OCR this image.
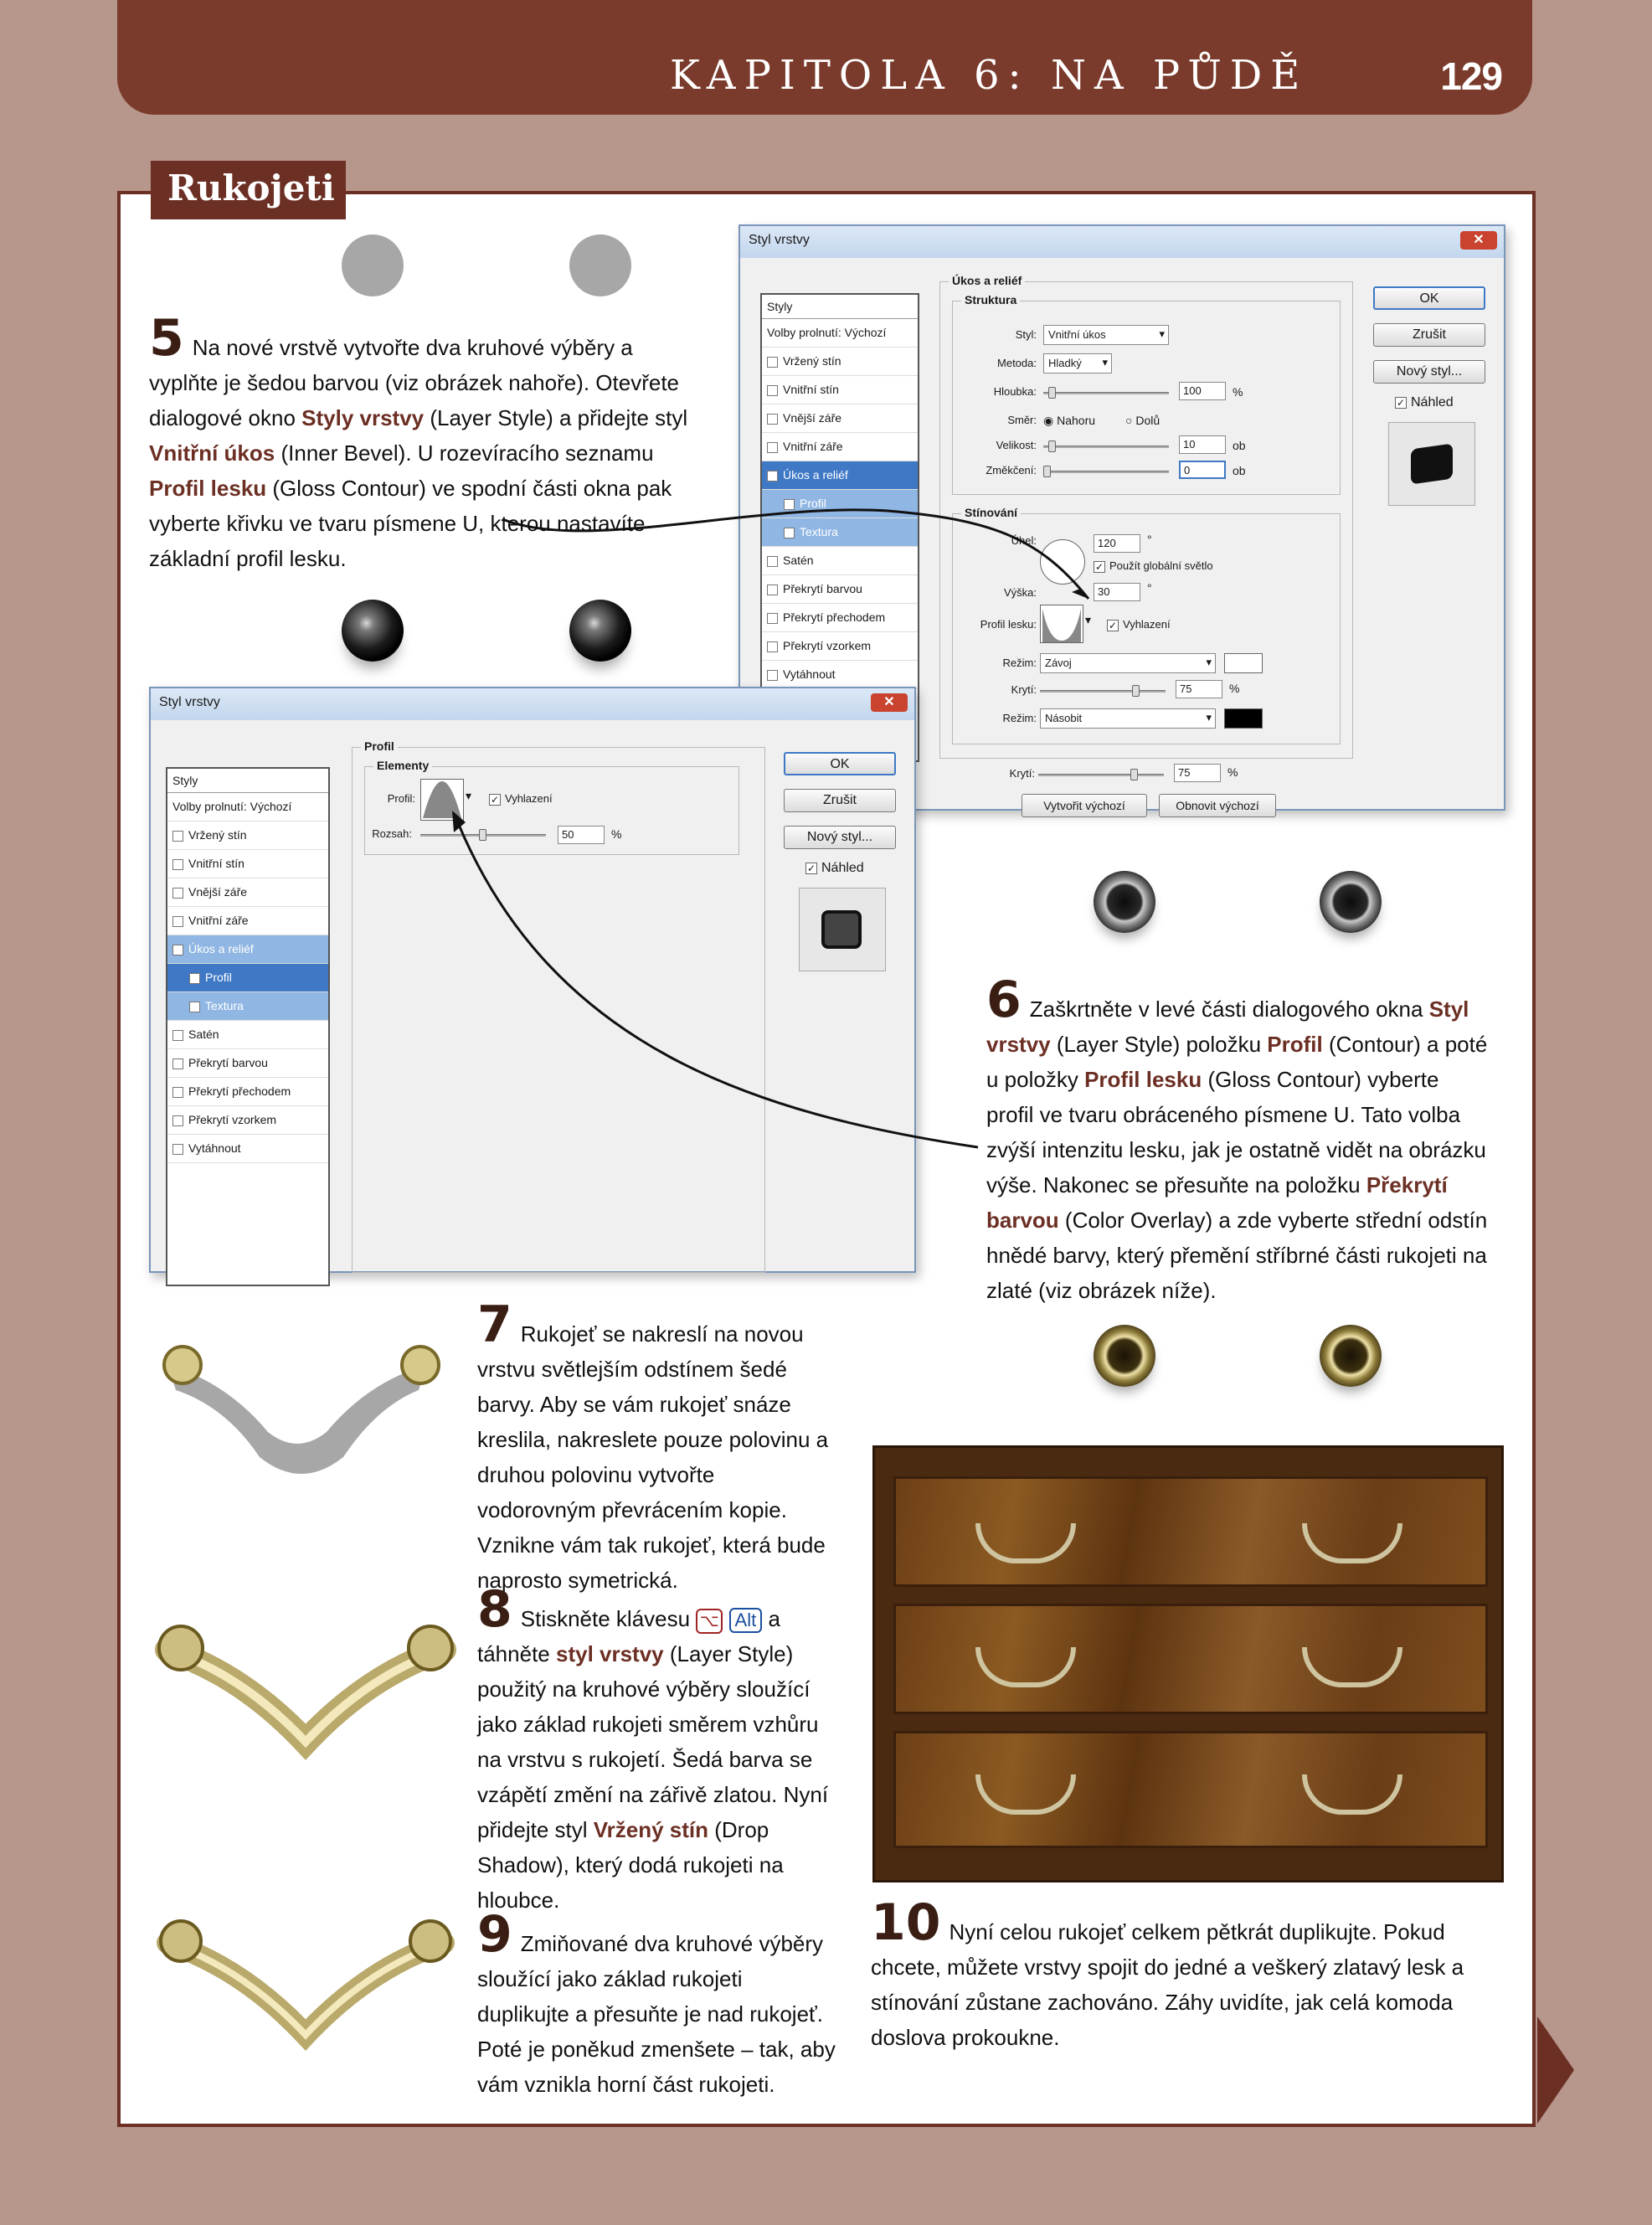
KAPITOLA 6: NA PŮDĚ	129
Rukojeti
5 Na nové vrstvě vytvořte dva kruhové výběry a vyplňte je šedou barvou (viz obrázek nahoře). Otevřete dialogové okno Styly vrstvy (Layer Style) a přidejte styl Vnitřní úkos (Inner Bevel). U rozevíracího seznamu Profil lesku (Gloss Contour) ve spodní části okna pak vyberte křivku ve tvaru písmene U, kterou nastavíte základní profil lesku.
Styl vrstvy	✕
Styly
Volby prolnutí: Výchozí
Vržený stín
Vnitřní stín
Vnější záře
Vnitřní záře
✓ Úkos a reliéf
Profil
Textura
Satén
Překrytí barvou
Překrytí přechodem
Překrytí vzorkem
Vytáhnout
Úkos a reliéf
Struktura
Styl:	Vnitřní úkos ▾
Metoda:	Hladký ▾
Hloubka:	100	%
Směr: ◉ Nahoru	○ Dolů
Velikost:	10	ob
Změkčení:	0	ob
Stínování
Úhel:	120	°
✓ Použít globální světlo
Výška:	30	°
Profil lesku:	▾ ✓ Vyhlazení
Režim: Závoj ▾
Krytí:	75	%
Režim: Násobit ▾
Krytí:	75	%
Vytvořit výchozí	Obnovit výchozí
OK
Zrušit
Nový styl...
✓ Náhled
Styl vrstvy	✕
Styly
Volby prolnutí: Výchozí
Vržený stín
Vnitřní stín
Vnější záře
Vnitřní záře
✓ Úkos a reliéf
✓ Profil
Textura
Satén
Překrytí barvou
Překrytí přechodem
Překrytí vzorkem
Vytáhnout
Profil
Elementy
Profil:	▾ ✓ Vyhlazení
Rozsah:	50	%
OK
Zrušit
Nový styl...
✓ Náhled
6 Zaškrtněte v levé části dialogového okna Styl vrstvy (Layer Style) položku Profil (Contour) a poté u položky Profil lesku (Gloss Contour) vyberte profil ve tvaru obráceného písmene U. Tato volba zvýší intenzitu lesku, jak je ostatně vidět na obrázku výše. Nakonec se přesuňte na položku Překrytí barvou (Color Overlay) a zde vyberte střední odstín hnědé barvy, který přemění stříbrné části rukojeti na zlaté (viz obrázek níže).
7 Rukojeť se nakreslí na novou vrstvu světlejším odstínem šedé barvy. Aby se vám rukojeť snáze kreslila, nakreslete pouze polovinu a druhou polovinu vytvořte vodorovným převrácením kopie. Vznikne vám tak rukojeť, která bude naprosto symetrická.
8 Stiskněte klávesu ⌥ Alt a táhněte styl vrstvy (Layer Style) použitý na kruhové výběry sloužící jako základ rukojeti směrem vzhůru na vrstvu s rukojetí. Šedá barva se vzápětí změní na zářivě zlatou. Nyní přidejte styl Vržený stín (Drop Shadow), který dodá rukojeti na hloubce.
9 Zmiňované dva kruhové výběry sloužící jako základ rukojeti duplikujte a přesuňte je nad rukojeť. Poté je poněkud zmenšete – tak, aby vám vznikla horní část rukojeti.
10 Nyní celou rukojeť celkem pětkrát duplikujte. Pokud chcete, můžete vrstvy spojit do jedné a veškerý zlatavý lesk a stínování zůstane zachováno. Záhy uvidíte, jak celá komoda doslova prokoukne.
